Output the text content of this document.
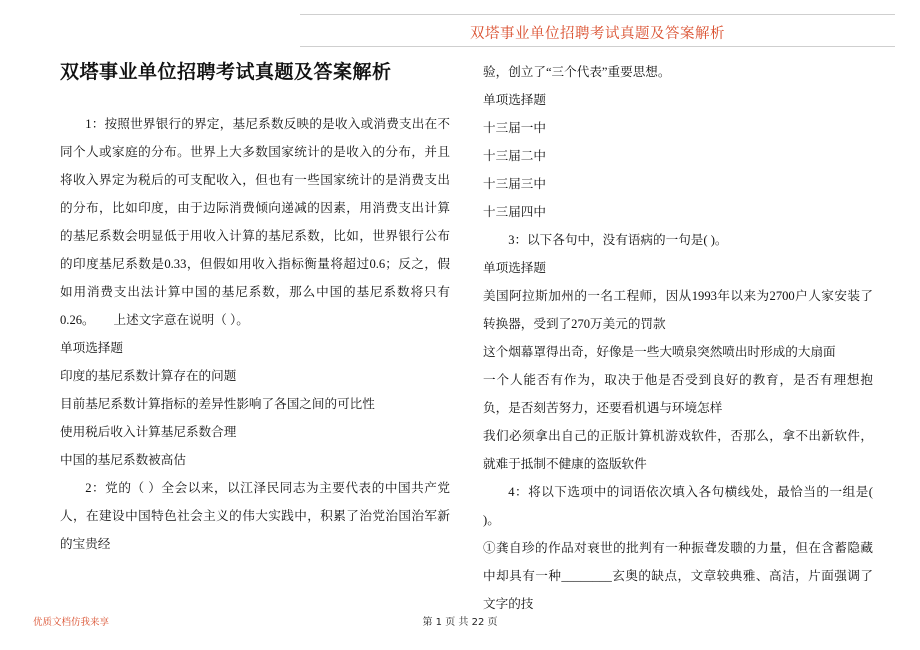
双塔事业单位招聘考试真题及答案解析
双塔事业单位招聘考试真题及答案解析

1：按照世界银行的界定，基尼系数反映的是收入或消费支出在不同个人或家庭的分布。世界上大多数国家统计的是收入的分布，并且将收入界定为税后的可支配收入，但也有一些国家统计的是消费支出的分布，比如印度，由于边际消费倾向递减的因素，用消费支出计算的基尼系数会明显低于用收入计算的基尼系数，比如，世界银行公布的印度基尼系数是0.33，但假如用收入指标衡量将超过0.6；反之，假如用消费支出法计算中国的基尼系数，那么中国的基尼系数将只有0.26。　　上述文字意在说明（ ）。

单项选择题

印度的基尼系数计算存在的问题

目前基尼系数计算指标的差异性影响了各国之间的可比性

使用税后收入计算基尼系数合理

中国的基尼系数被高估

2：党的（ ）全会以来，以江泽民同志为主要代表的中国共产党人，在建设中国特色社会主义的伟大实践中，积累了治党治国治军新的宝贵经

验，创立了“三个代表”重要思想。

单项选择题

十三届一中

十三届二中

十三届三中

十三届四中

3：以下各句中，没有语病的一句是( )。

单项选择题

美国阿拉斯加州的一名工程师，因从1993年以来为2700户人家安装了转换器，受到了270万美元的罚款

这个烟幕罩得出奇，好像是一些大喷泉突然喷出时形成的大扇面

一个人能否有作为，取决于他是否受到良好的教育，是否有理想抱负，是否刻苦努力，还要看机遇与环境怎样

我们必须拿出自己的正版计算机游戏软件，否那么，拿不出新软件，就难于抵制不健康的盗版软件

4：将以下选项中的词语依次填入各句横线处，最恰当的一组是( )。

①龚自珍的作品对衰世的批判有一种振聋发聩的力量，但在含蓄隐藏中却具有一种________玄奥的缺点，文章较典雅、高洁，片面强调了文字的技

优质文档仿我来享	第 1 页 共 22 页
